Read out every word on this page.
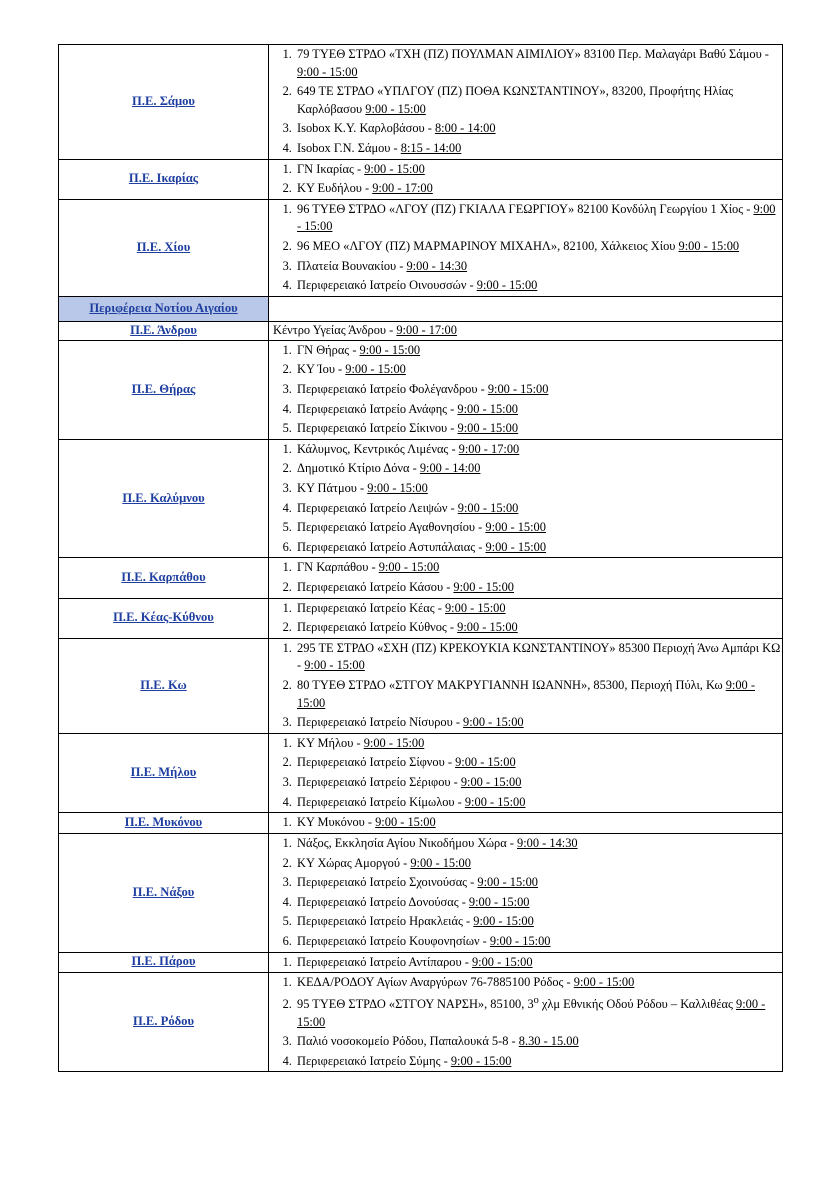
Π.Ε. Σάμου	
1. 79 ΤΥΕΘ ΣΤΡΔΟ «ΤΧΗ (ΠΖ) ΠΟΥΛΜΑΝ ΑΙΜΙΛΙΟΥ» 83100 Περ. Μαλαγάρι Βαθύ Σάμου - 9:00 - 15:00
2. 649 ΤΕ ΣΤΡΔΟ «ΥΠΛΓΟΥ (ΠΖ) ΠΟΘΑ ΚΩΝΣΤΑΝΤΙΝΟΥ», 83200, Προφήτης Ηλίας Καρλόβασου 9:00 - 15:00
3. Isobox Κ.Υ. Καρλοβάσου - 8:00 - 14:00
4. Isobox Γ.Ν. Σάμου - 8:15 - 14:00

Π.Ε. Ικαρίας	
1. ΓΝ Ικαρίας - 9:00 - 15:00
2. ΚΥ Ευδήλου - 9:00 - 17:00

Π.Ε. Χίου	
1. 96 ΤΥΕΘ ΣΤΡΔΟ «ΛΓΟΥ (ΠΖ) ΓΚΙΑΛΑ ΓΕΩΡΓΙΟΥ» 82100 Κονδύλη Γεωργίου 1 Χίος - 9:00 - 15:00
2. 96 ΜΕΟ «ΛΓΟΥ (ΠΖ) ΜΑΡΜΑΡΙΝΟΥ ΜΙΧΑΗΛ», 82100, Χάλκειος Χίου 9:00 - 15:00
3. Πλατεία Βουνακίου - 9:00 - 14:30
4. Περιφερειακό Ιατρείο Οινουσσών - 9:00 - 15:00

Περιφέρεια Νοτίου Αιγαίου	

Π.Ε. Άνδρου	Κέντρο Υγείας Άνδρου - 9:00 - 17:00

Π.Ε. Θήρας	
1. ΓΝ Θήρας - 9:00 - 15:00
2. ΚΥ Ίου - 9:00 - 15:00
3. Περιφερειακό Ιατρείο Φολέγανδρου - 9:00 - 15:00
4. Περιφερειακό Ιατρείο Ανάφης - 9:00 - 15:00
5. Περιφερειακό Ιατρείο Σίκινου - 9:00 - 15:00

Π.Ε. Καλύμνου	
1. Κάλυμνος, Κεντρικός Λιμένας - 9:00 - 17:00
2. Δημοτικό Κτίριο Δόνα - 9:00 - 14:00
3. ΚΥ Πάτμου - 9:00 - 15:00
4. Περιφερειακό Ιατρείο Λειψών - 9:00 - 15:00
5. Περιφερειακό Ιατρείο Αγαθονησίου - 9:00 - 15:00
6. Περιφερειακό Ιατρείο Αστυπάλαιας - 9:00 - 15:00

Π.Ε. Καρπάθου	
1. ΓΝ Καρπάθου - 9:00 - 15:00
2. Περιφερειακό Ιατρείο Κάσου - 9:00 - 15:00

Π.Ε. Κέας-Κύθνου	
1. Περιφερειακό Ιατρείο Κέας - 9:00 - 15:00
2. Περιφερειακό Ιατρείο Κύθνος - 9:00 - 15:00

Π.Ε. Κω	
1. 295 ΤΕ ΣΤΡΔΟ «ΣΧΗ (ΠΖ) ΚΡΕΚΟΥΚΙΑ ΚΩΝΣΤΑΝΤΙΝΟΥ» 85300 Περιοχή Άνω Αμπάρι ΚΩ - 9:00 - 15:00
2. 80 ΤΥΕΘ ΣΤΡΔΟ «ΣΤΓΟΥ ΜΑΚΡΥΓΙΑΝΝΗ ΙΩΑΝΝΗ», 85300, Περιοχή Πύλι, Κω 9:00 - 15:00
3. Περιφερειακό Ιατρείο Νίσυρου - 9:00 - 15:00

Π.Ε. Μήλου	
1. ΚΥ Μήλου - 9:00 - 15:00
2. Περιφερειακό Ιατρείο Σίφνου - 9:00 - 15:00
3. Περιφερειακό Ιατρείο Σέριφου - 9:00 - 15:00
4. Περιφερειακό Ιατρείο Κίμωλου - 9:00 - 15:00

Π.Ε. Μυκόνου	
1.ΚΥ Μυκόνου - 9:00 - 15:00

Π.Ε. Νάξου	
1. Νάξος, Εκκλησία Αγίου Νικοδήμου Χώρα - 9:00 - 14:30
2. ΚΥ Χώρας Αμοργού - 9:00 - 15:00
3. Περιφερειακό Ιατρείο Σχοινούσας - 9:00 - 15:00
4. Περιφερειακό Ιατρείο Δονούσας - 9:00 - 15:00
5. Περιφερειακό Ιατρείο Ηρακλειάς - 9:00 - 15:00
6. Περιφερειακό Ιατρείο Κουφονησίων - 9:00 - 15:00

Π.Ε. Πάρου	
1.Περιφερειακό Ιατρείο Αντίπαρου - 9:00 - 15:00

Π.Ε. Ρόδου	
1. ΚΕΔΑ/ΡΟΔΟΥ Αγίων Αναργύρων 76-7885100 Ρόδος - 9:00 - 15:00
2. 95 ΤΥΕΘ ΣΤΡΔΟ «ΣΤΓΟΥ ΝΑΡΣΗ», 85100, $3^o$ χλμ Εθνικής Οδού Ρόδου – Καλλιθέας 9:00 - 15:00
3. Παλιό νοσοκομείο Ρόδου, Παπαλουκά 5-8 - 8.30 - 15.00
4. Περιφερειακό Ιατρείο Σύμης - 9:00 - 15:00
